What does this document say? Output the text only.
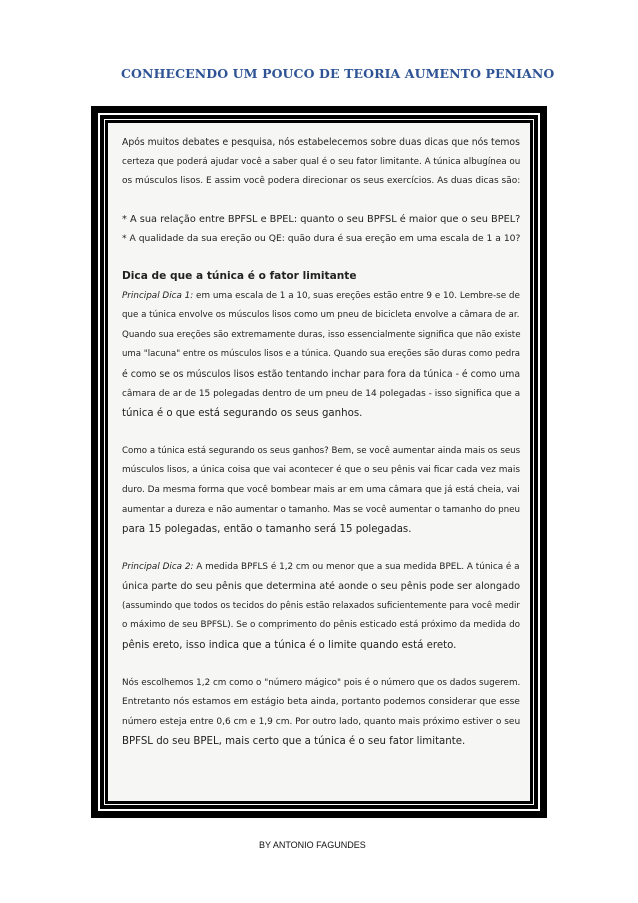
CONHECENDO UM POUCO DE TEORIA AUMENTO PENIANO

Após muitos debates e pesquisa, nós estabelecemos sobre duas dicas que nós temos

certeza que poderá ajudar você a saber qual é o seu fator limitante. A túnica albugínea ou

os músculos lisos. E assim você podera direcionar os seus exercícios. As duas dicas são:

* A sua relação entre BPFSL e BPEL: quanto o seu BPFSL é maior que o seu BPEL?

* A qualidade da sua ereção ou QE: quão dura é sua ereção em uma escala de 1 a 10?

Dica de que a túnica é o fator limitante

Principal Dica 1: em uma escala de 1 a 10, suas ereções estão entre 9 e 10. Lembre-se de

que a túnica envolve os músculos lisos como um pneu de bicicleta envolve a câmara de ar.

Quando sua ereções são extremamente duras, isso essencialmente significa que não existe

uma "lacuna" entre os músculos lisos e a túnica. Quando sua ereções são duras como pedra

é como se os músculos lisos estão tentando inchar para fora da túnica - é como uma

câmara de ar de 15 polegadas dentro de um pneu de 14 polegadas - isso significa que a

túnica é o que está segurando os seus ganhos.

Como a túnica está segurando os seus ganhos? Bem, se você aumentar ainda mais os seus

músculos lisos, a única coisa que vai acontecer é que o seu pênis vai ficar cada vez mais

duro. Da mesma forma que você bombear mais ar em uma câmara que já está cheia, vai

aumentar a dureza e não aumentar o tamanho. Mas se você aumentar o tamanho do pneu

para 15 polegadas, então o tamanho será 15 polegadas.

Principal Dica 2: A medida BPFLS é 1,2 cm ou menor que a sua medida BPEL. A túnica é a

única parte do seu pênis que determina até aonde o seu pênis pode ser alongado

(assumindo que todos os tecidos do pênis estão relaxados suficientemente para você medir

o máximo de seu BPFSL). Se o comprimento do pênis esticado está próximo da medida do

pênis ereto, isso indica que a túnica é o limite quando está ereto.

Nós escolhemos 1,2 cm como o "número mágico" pois é o número que os dados sugerem.

Entretanto nós estamos em estágio beta ainda, portanto podemos considerar que esse

número esteja entre 0,6 cm e 1,9 cm. Por outro lado, quanto mais próximo estiver o seu

BPFSL do seu BPEL, mais certo que a túnica é o seu fator limitante.

BY ANTONIO FAGUNDES
